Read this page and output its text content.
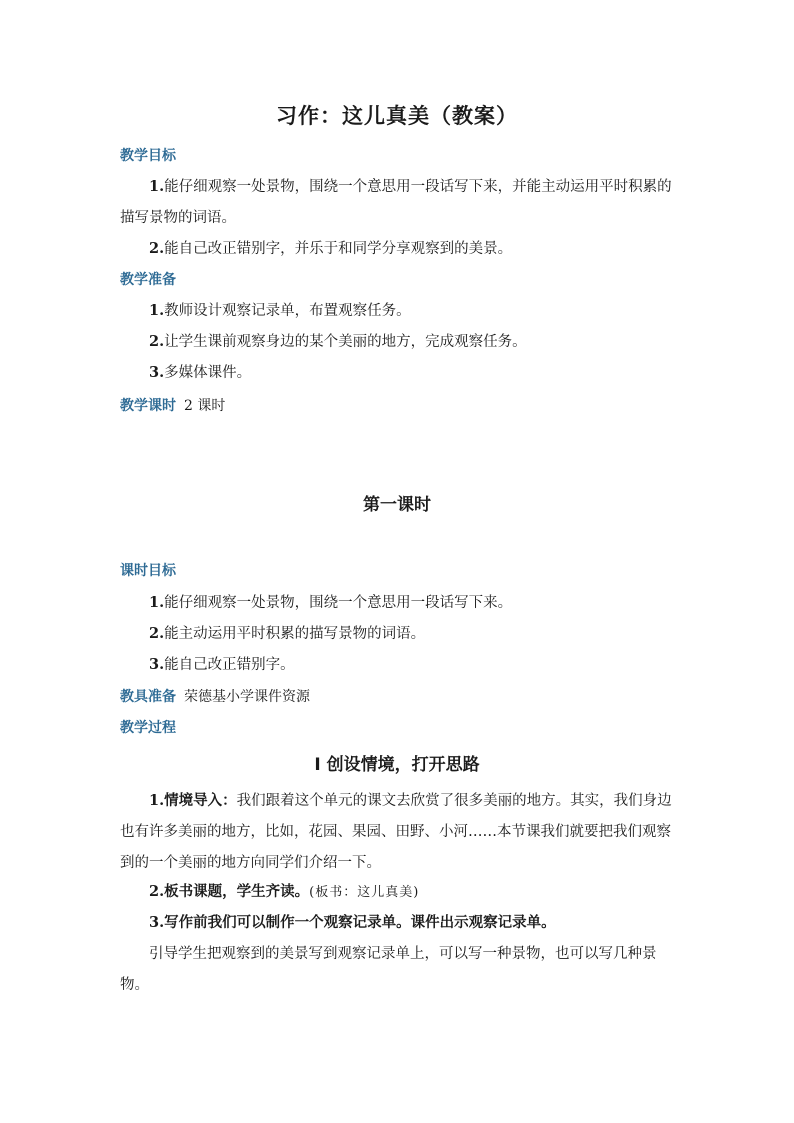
习作：这儿真美（教案）
教学目标
1.能仔细观察一处景物，围绕一个意思用一段话写下来，并能主动运用平时积累的描写景物的词语。
2.能自己改正错别字，并乐于和同学分享观察到的美景。
教学准备
1.教师设计观察记录单，布置观察任务。
2.让学生课前观察身边的某个美丽的地方，完成观察任务。
3.多媒体课件。
教学课时 2 课时
第一课时
课时目标
1.能仔细观察一处景物，围绕一个意思用一段话写下来。
2.能主动运用平时积累的描写景物的词语。
3.能自己改正错别字。
教具准备 荣德基小学课件资源
教学过程
Ⅰ 创设情境，打开思路
1.情境导入：我们跟着这个单元的课文去欣赏了很多美丽的地方。其实，我们身边也有许多美丽的地方，比如，花园、果园、田野、小河……本节课我们就要把我们观察到的一个美丽的地方向同学们介绍一下。
2.板书课题，学生齐读。(板书：这儿真美)
3.写作前我们可以制作一个观察记录单。课件出示观察记录单。
引导学生把观察到的美景写到观察记录单上，可以写一种景物，也可以写几种景物。
